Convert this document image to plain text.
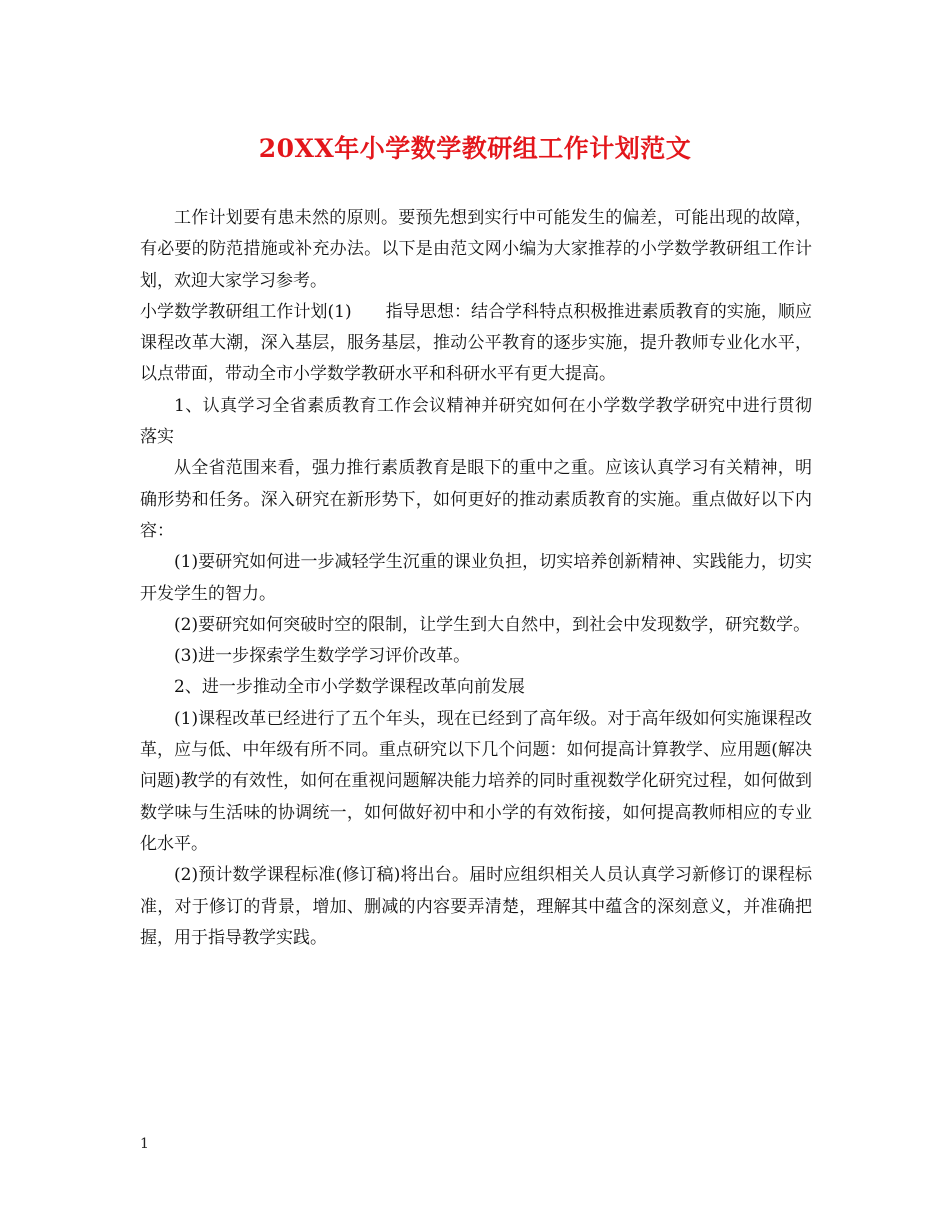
20XX年小学数学教研组工作计划范文

工作计划要有患未然的原则。要预先想到实行中可能发生的偏差，可能出现的故障，有必要的防范措施或补充办法。以下是由范文网小编为大家推荐的小学数学教研组工作计划，欢迎大家学习参考。

小学数学教研组工作计划(1)　　指导思想：结合学科特点积极推进素质教育的实施，顺应课程改革大潮，深入基层，服务基层，推动公平教育的逐步实施，提升教师专业化水平，以点带面，带动全市小学数学教研水平和科研水平有更大提高。

1、认真学习全省素质教育工作会议精神并研究如何在小学数学教学研究中进行贯彻落实

从全省范围来看，强力推行素质教育是眼下的重中之重。应该认真学习有关精神，明确形势和任务。深入研究在新形势下，如何更好的推动素质教育的实施。重点做好以下内容：

(1)要研究如何进一步减轻学生沉重的课业负担，切实培养创新精神、实践能力，切实开发学生的智力。

(2)要研究如何突破时空的限制，让学生到大自然中，到社会中发现数学，研究数学。

(3)进一步探索学生数学学习评价改革。

2、进一步推动全市小学数学课程改革向前发展

(1)课程改革已经进行了五个年头，现在已经到了高年级。对于高年级如何实施课程改革，应与低、中年级有所不同。重点研究以下几个问题：如何提高计算教学、应用题(解决问题)教学的有效性，如何在重视问题解决能力培养的同时重视数学化研究过程，如何做到数学味与生活味的协调统一，如何做好初中和小学的有效衔接，如何提高教师相应的专业化水平。

(2)预计数学课程标准(修订稿)将出台。届时应组织相关人员认真学习新修订的课程标准，对于修订的背景，增加、删减的内容要弄清楚，理解其中蕴含的深刻意义，并准确把握，用于指导教学实践。

1
